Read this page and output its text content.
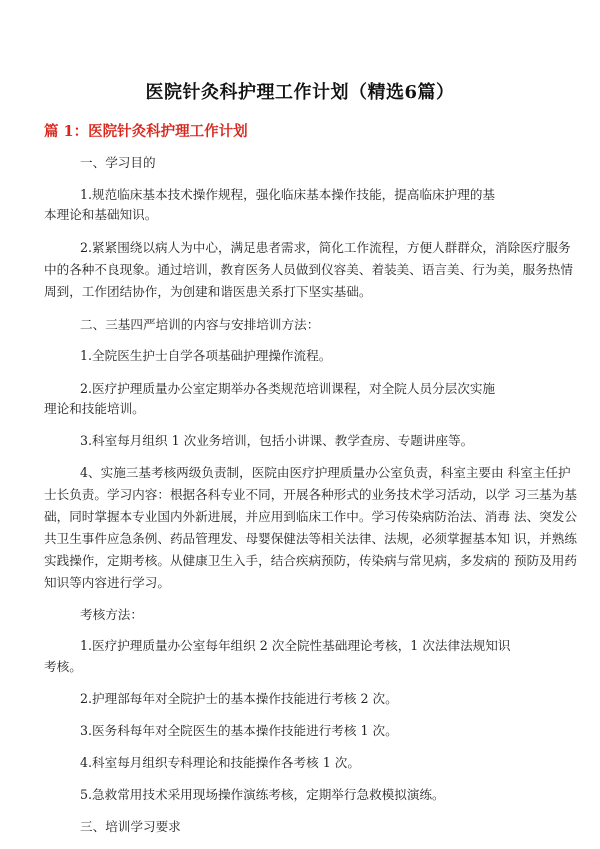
医院针灸科护理工作计划（精选6篇）
篇 1：医院针灸科护理工作计划
一、学习目的
1.规范临床基本技术操作规程，强化临床基本操作技能，提高临床护理的基
本理论和基础知识。
2.紧紧围绕以病人为中心，满足患者需求，简化工作流程，方便人群群众，消除医疗服务
中的各种不良现象。通过培训，教育医务人员做到仪容美、着装美、语言美、行为美，服务热情
周到，工作团结协作，为创建和谐医患关系打下坚实基础。
二、三基四严培训的内容与安排培训方法：
1.全院医生护士自学各项基础护理操作流程。
2.医疗护理质量办公室定期举办各类规范培训课程，对全院人员分层次实施
理论和技能培训。
3.科室每月组织 1 次业务培训，包括小讲课、教学查房、专题讲座等。
4、实施三基考核两级负责制，医院由医疗护理质量办公室负责，科室主要由 科室主任护
士长负责。学习内容：根据各科专业不同，开展各种形式的业务技术学习活动，以学 习三基为基
础，同时掌握本专业国内外新进展，并应用到临床工作中。学习传染病防治法、消毒 法、突发公
共卫生事件应急条例、药品管理发、母婴保健法等相关法律、法规，必须掌握基本知 识，并熟练
实践操作，定期考核。从健康卫生入手，结合疾病预防，传染病与常见病，多发病的 预防及用药
知识等内容进行学习。
考核方法：
1.医疗护理质量办公室每年组织 2 次全院性基础理论考核，1 次法律法规知识
考核。
2.护理部每年对全院护士的基本操作技能进行考核 2 次。
3.医务科每年对全院医生的基本操作技能进行考核 1 次。
4.科室每月组织专科理论和技能操作各考核 1 次。
5.急救常用技术采用现场操作演练考核，定期举行急救模拟演练。
三、培训学习要求
